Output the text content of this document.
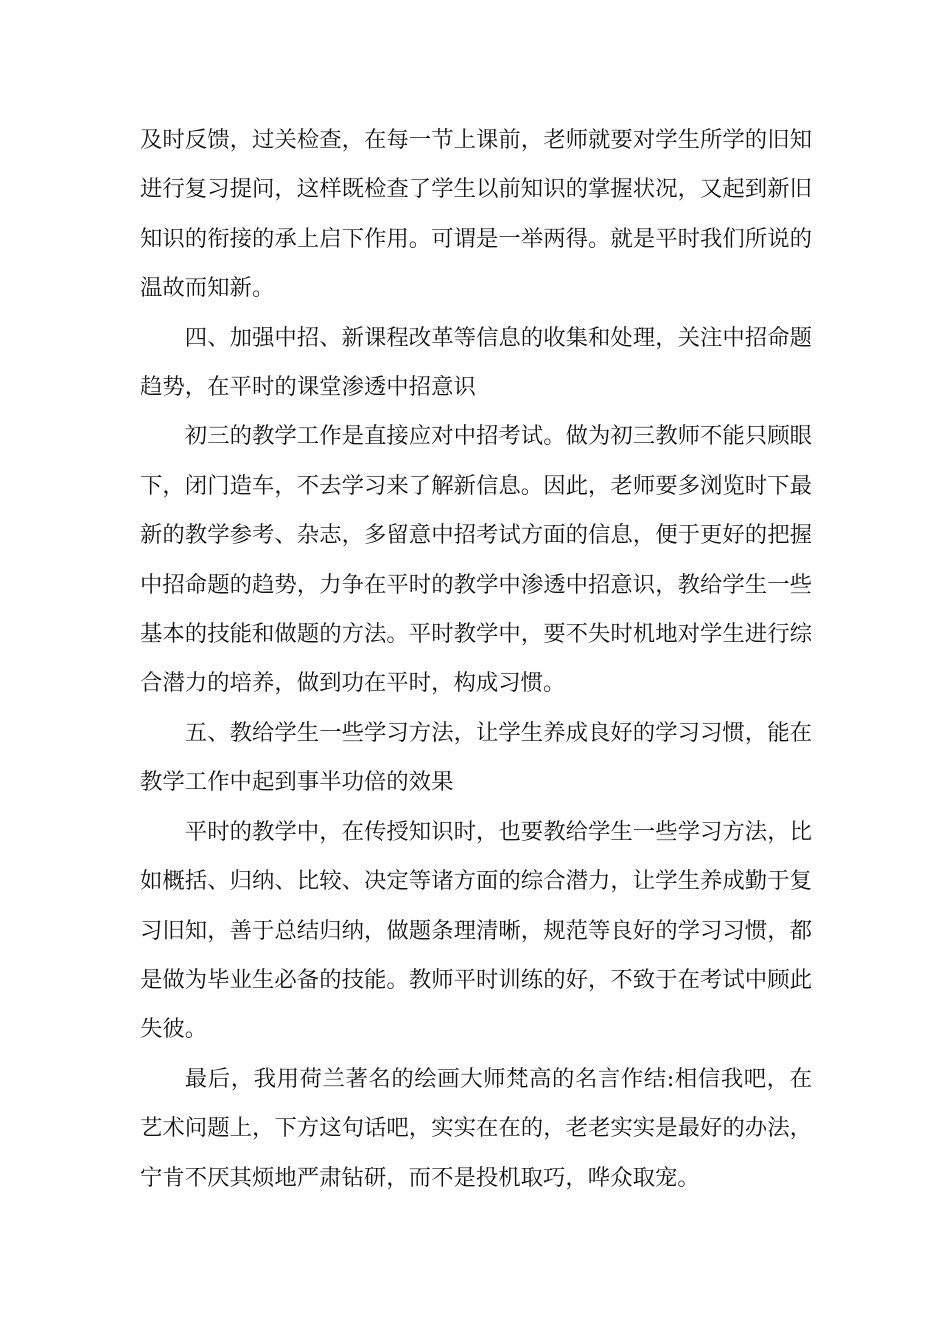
及时反馈，过关检查，在每一节上课前，老师就要对学生所学的旧知进行复习提问，这样既检查了学生以前知识的掌握状况，又起到新旧知识的衔接的承上启下作用。可谓是一举两得。就是平时我们所说的温故而知新。

四、加强中招、新课程改革等信息的收集和处理，关注中招命题趋势，在平时的课堂渗透中招意识

初三的教学工作是直接应对中招考试。做为初三教师不能只顾眼下，闭门造车，不去学习来了解新信息。因此，老师要多浏览时下最新的教学参考、杂志，多留意中招考试方面的信息，便于更好的把握中招命题的趋势，力争在平时的教学中渗透中招意识，教给学生一些基本的技能和做题的方法。平时教学中，要不失时机地对学生进行综合潜力的培养，做到功在平时，构成习惯。

五、教给学生一些学习方法，让学生养成良好的学习习惯，能在教学工作中起到事半功倍的效果

平时的教学中，在传授知识时，也要教给学生一些学习方法，比如概括、归纳、比较、决定等诸方面的综合潜力，让学生养成勤于复习旧知，善于总结归纳，做题条理清晰，规范等良好的学习习惯，都是做为毕业生必备的技能。教师平时训练的好，不致于在考试中顾此失彼。

最后，我用荷兰著名的绘画大师梵高的名言作结:相信我吧，在艺术问题上，下方这句话吧，实实在在的，老老实实是最好的办法，宁肯不厌其烦地严肃钻研，而不是投机取巧，哗众取宠。
